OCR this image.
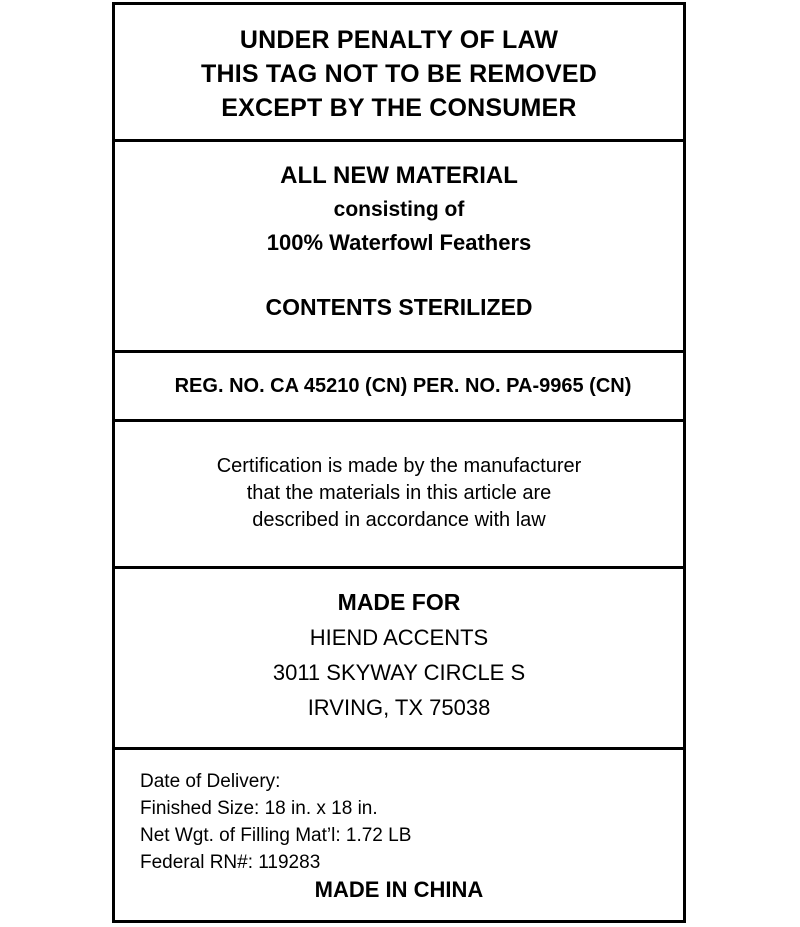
UNDER PENALTY OF LAW
THIS TAG NOT TO BE REMOVED
EXCEPT BY THE CONSUMER
ALL NEW MATERIAL
consisting of
100% Waterfowl Feathers
CONTENTS STERILIZED
REG. NO. CA 45210 (CN) PER. NO. PA-9965 (CN)
Certification is made by the manufacturer
that the materials in this article are
described in accordance with law
MADE FOR
HIEND ACCENTS
3011 SKYWAY CIRCLE S
IRVING, TX 75038
Date of Delivery:
Finished Size: 18 in. x 18 in.
Net Wgt. of Filling Mat’l: 1.72 LB
Federal RN#: 119283
MADE IN CHINA
